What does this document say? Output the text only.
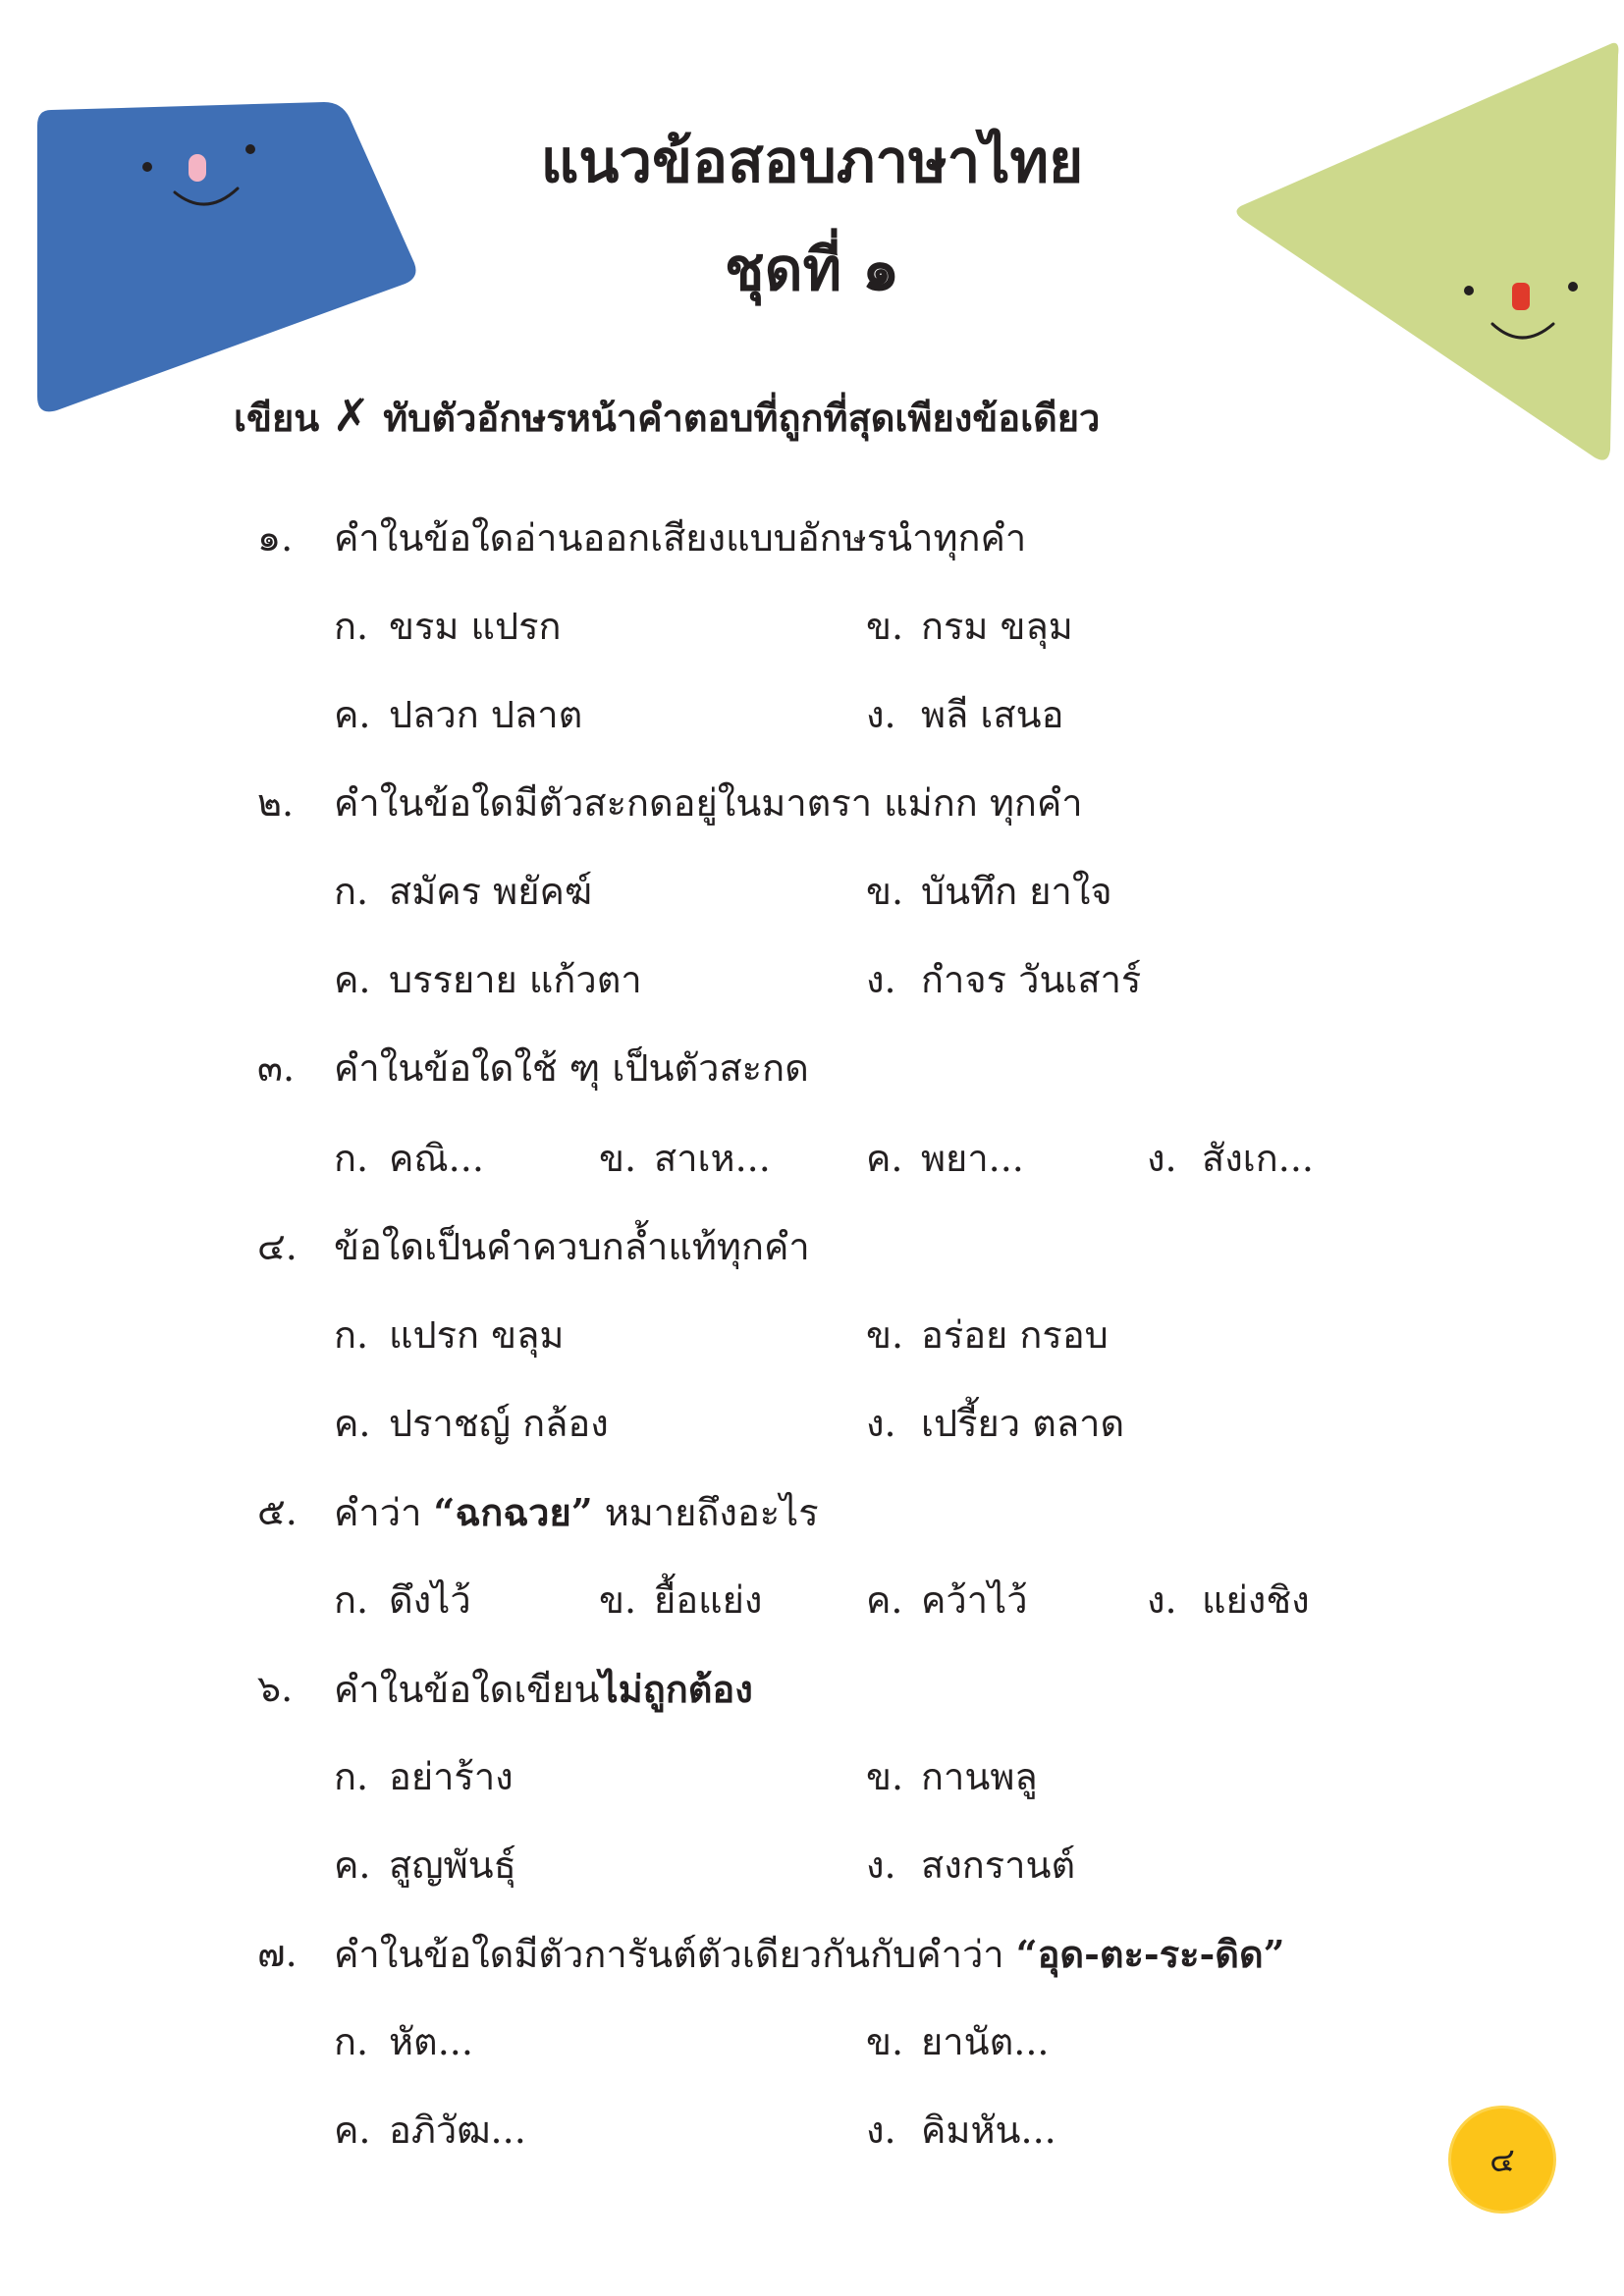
แนวข้อสอบภาษาไทย
ชุดที่ ๑
เขียน ✗ ทับตัวอักษรหน้าคำตอบที่ถูกที่สุดเพียงข้อเดียว
๑. คำในข้อใดอ่านออกเสียงแบบอักษรนำทุกคำ
ก. ขรม แปรก	ข. กรม ขลุม
ค. ปลวก ปลาต	ง. พลี เสนอ
๒. คำในข้อใดมีตัวสะกดอยู่ในมาตรา แม่กก ทุกคำ
ก. สมัคร พยัคฆ์	ข. บันทึก ยาใจ
ค. บรรยาย แก้วตา	ง. กำจร วันเสาร์
๓. คำในข้อใดใช้ ฑุ เป็นตัวสะกด
ก. คณิ...	ข. สาเห...	ค. พยา...	ง. สังเก...
๔. ข้อใดเป็นคำควบกล้ำแท้ทุกคำ
ก. แปรก ขลุม	ข. อร่อย กรอบ
ค. ปราชญ์ กล้อง	ง. เปรี้ยว ตลาด
๕. คำว่า “ฉกฉวย” หมายถึงอะไร
ก. ดึงไว้	ข. ยื้อแย่ง	ค. คว้าไว้	ง. แย่งชิง
๖. คำในข้อใดเขียนไม่ถูกต้อง
ก. อย่าร้าง	ข. กานพลู
ค. สูญพันธุ์	ง. สงกรานต์
๗. คำในข้อใดมีตัวการันต์ตัวเดียวกันกับคำว่า “อุด-ตะ-ระ-ดิด”
ก. หัต...	ข. ยานัต...
ค. อภิวัฒ...	ง. คิมหัน...
๔
